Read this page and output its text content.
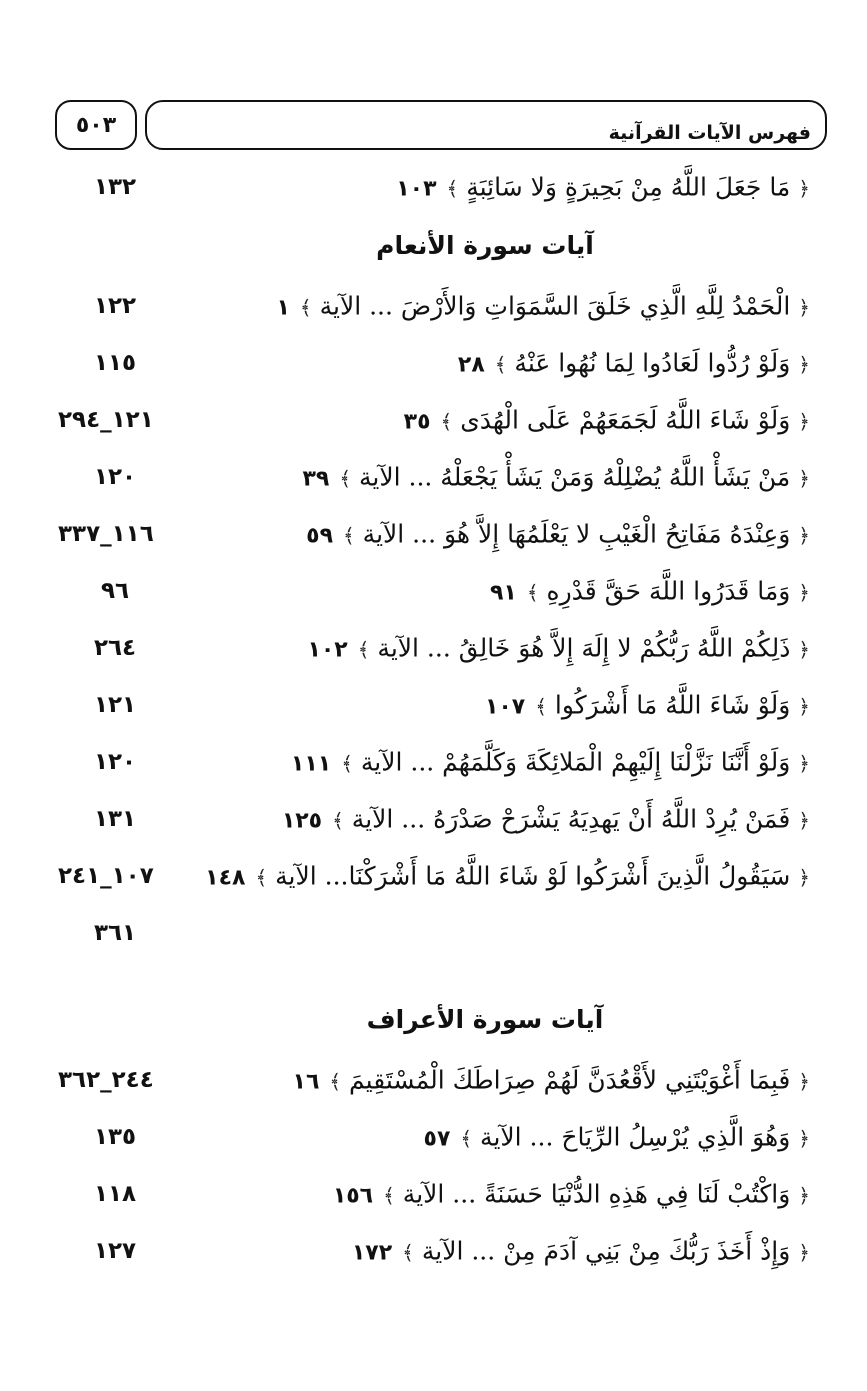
فهرس الآيات القرآنية
٥٠٣
﴿ مَا جَعَلَ اللَّهُ مِنْ بَحِيرَةٍ وَلا سَائِبَةٍ ﴾١٠٣
١٣٢
آيات سورة الأنعام
﴿ الْحَمْدُ لِلَّهِ الَّذِي خَلَقَ السَّمَوَاتِ وَالأَرْضَ ... الآية ﴾١
١٢٢
﴿ وَلَوْ رُدُّوا لَعَادُوا لِمَا نُهُوا عَنْهُ ﴾٢٨
١١٥
﴿ وَلَوْ شَاءَ اللَّهُ لَجَمَعَهُمْ عَلَى الْهُدَى ﴾٣٥
١٢١_٢٩٤
﴿ مَنْ يَشَأْ اللَّهُ يُضْلِلْهُ وَمَنْ يَشَأْ يَجْعَلْهُ ... الآية ﴾٣٩
١٢٠
﴿ وَعِنْدَهُ مَفَاتِحُ الْغَيْبِ لا يَعْلَمُهَا إِلاَّ هُوَ ... الآية ﴾٥٩
١١٦_٣٣٧
﴿ وَمَا قَدَرُوا اللَّهَ حَقَّ قَدْرِهِ ﴾٩١
٩٦
﴿ ذَلِكُمْ اللَّهُ رَبُّكُمْ لا إِلَهَ إِلاَّ هُوَ خَالِقُ ... الآية ﴾١٠٢
٢٦٤
﴿ وَلَوْ شَاءَ اللَّهُ مَا أَشْرَكُوا ﴾١٠٧
١٢١
﴿ وَلَوْ أَنَّنَا نَزَّلْنَا إِلَيْهِمْ الْمَلائِكَةَ وَكَلَّمَهُمْ ... الآية ﴾١١١
١٢٠
﴿ فَمَنْ يُرِدْ اللَّهُ أَنْ يَهدِيَهُ يَشْرَحْ صَدْرَهُ ... الآية ﴾١٢٥
١٣١
﴿ سَيَقُولُ الَّذِينَ أَشْرَكُوا لَوْ شَاءَ اللَّهُ مَا أَشْرَكْنَا... الآية ﴾١٤٨
١٠٧_٢٤١
٣٦١
آيات سورة الأعراف
﴿ فَبِمَا أَغْوَيْتَنِي لأَقْعُدَنَّ لَهُمْ صِرَاطَكَ الْمُسْتَقِيمَ ﴾١٦
٢٤٤_٣٦٢
﴿ وَهُوَ الَّذِي يُرْسِلُ الرِّيَاحَ ... الآية ﴾٥٧
١٣٥
﴿ وَاكْتُبْ لَنَا فِي هَذِهِ الدُّنْيَا حَسَنَةً ... الآية ﴾١٥٦
١١٨
﴿ وَإِذْ أَخَذَ رَبُّكَ مِنْ بَنِي آدَمَ مِنْ ... الآية ﴾١٧٢
١٢٧
